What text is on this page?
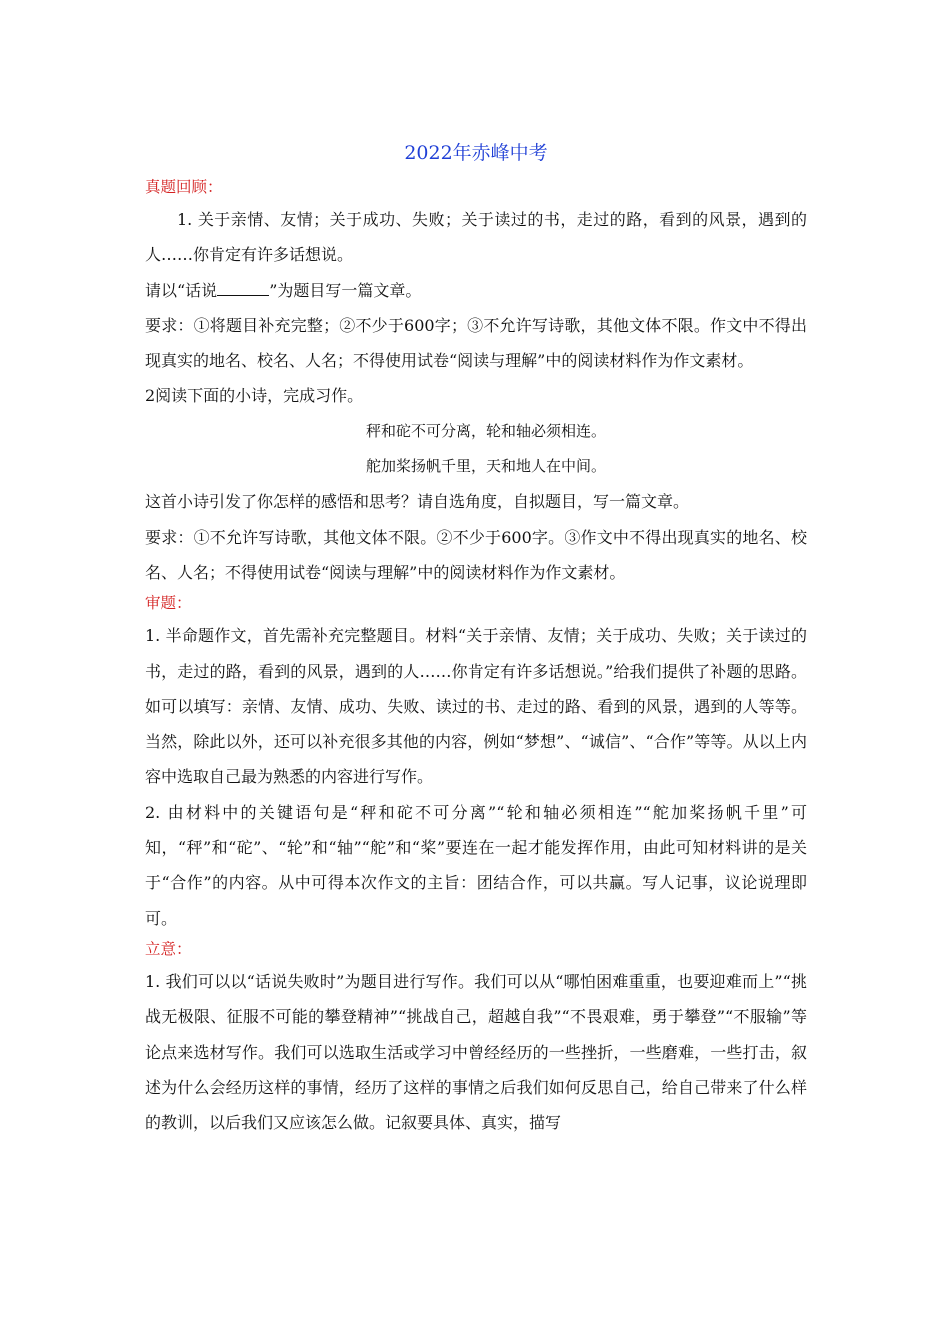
2022年赤峰中考
真题回顾：
1. 关于亲情、友情；关于成功、失败；关于读过的书，走过的路，看到的风景，遇到的人……你肯定有许多话想说。
请以“话说	”为题目写一篇文章。
要求：①将题目补充完整；②不少于600字；③不允许写诗歌，其他文体不限。作文中不得出现真实的地名、校名、人名；不得使用试卷“阅读与理解”中的阅读材料作为作文素材。
2阅读下面的小诗，完成习作。
秤和砣不可分离，轮和轴必须相连。
舵加桨扬帆千里，天和地人在中间。
这首小诗引发了你怎样的感悟和思考？请自选角度，自拟题目，写一篇文章。
要求：①不允许写诗歌，其他文体不限。②不少于600字。③作文中不得出现真实的地名、校名、人名；不得使用试卷“阅读与理解”中的阅读材料作为作文素材。
审题：
1. 半命题作文，首先需补充完整题目。材料“关于亲情、友情；关于成功、失败；关于读过的书，走过的路，看到的风景，遇到的人……你肯定有许多话想说。”给我们提供了补题的思路。如可以填写：亲情、友情、成功、失败、读过的书、走过的路、看到的风景，遇到的人等等。当然，除此以外，还可以补充很多其他的内容，例如“梦想”、“诚信”、“合作”等等。从以上内容中选取自己最为熟悉的内容进行写作。
2. 由材料中的关键语句是“秤和砣不可分离”“轮和轴必须相连”“舵加桨扬帆千里”可知，“秤”和“砣”、“轮”和“轴”“舵”和“桨”要连在一起才能发挥作用，由此可知材料讲的是关于“合作”的内容。从中可得本次作文的主旨：团结合作，可以共赢。写人记事，议论说理即可。
立意：
1. 我们可以以“话说失败时”为题目进行写作。我们可以从“哪怕困难重重，也要迎难而上”“挑战无极限、征服不可能的攀登精神”“挑战自己，超越自我”“不畏艰难，勇于攀登”“不服输”等论点来选材写作。我们可以选取生活或学习中曾经经历的一些挫折，一些磨难，一些打击，叙述为什么会经历这样的事情，经历了这样的事情之后我们如何反思自己，给自己带来了什么样的教训，以后我们又应该怎么做。记叙要具体、真实，描写
